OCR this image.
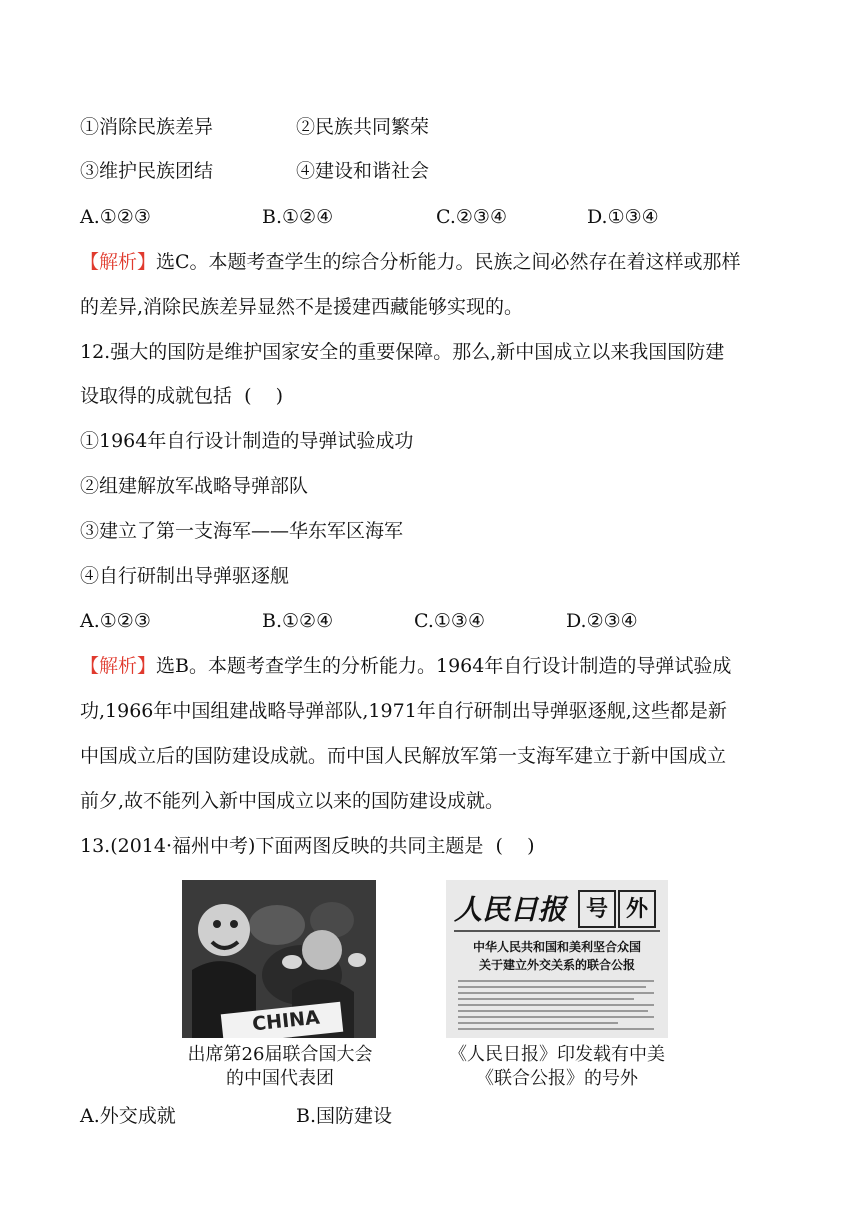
①消除民族差异	②民族共同繁荣
③维护民族团结	④建设和谐社会
A.①②③	B.①②④	C.②③④	D.①③④
【解析】选C。本题考查学生的综合分析能力。民族之间必然存在着这样或那样
的差异,消除民族差异显然不是援建西藏能够实现的。
12.强大的国防是维护国家安全的重要保障。那么,新中国成立以来我国国防建
设取得的成就包括  (    )
①1964年自行设计制造的导弹试验成功
②组建解放军战略导弹部队
③建立了第一支海军——华东军区海军
④自行研制出导弹驱逐舰
A.①②③	B.①②④	C.①③④	D.②③④
【解析】选B。本题考查学生的分析能力。1964年自行设计制造的导弹试验成
功,1966年中国组建战略导弹部队,1971年自行研制出导弹驱逐舰,这些都是新
中国成立后的国防建设成就。而中国人民解放军第一支海军建立于新中国成立
前夕,故不能列入新中国成立以来的国防建设成就。
13.(2014·福州中考)下面两图反映的共同主题是  (    )
CHINA
出席第26届联合国大会
的中国代表团
人民日报 号 外
中华人民共和国和美利坚合众国
关于建立外交关系的联合公报
《人民日报》印发载有中美
《联合公报》的号外
A.外交成就	B.国防建设
